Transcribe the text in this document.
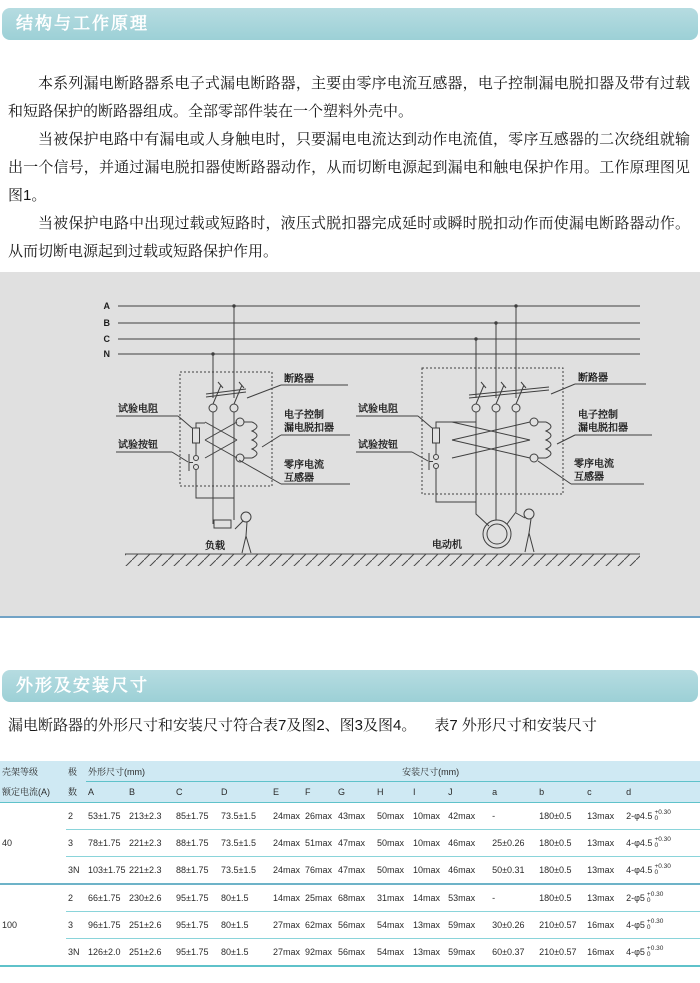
结构与工作原理

本系列漏电断路器系电子式漏电断路器，主要由零序电流互感器，电子控制漏电脱扣器及带有过载和短路保护的断路器组成。全部零部件装在一个塑料外壳中。

当被保护电路中有漏电或人身触电时，只要漏电电流达到动作电流值，零序互感器的二次绕组就输出一个信号，并通过漏电脱扣器使断路器动作，从而切断电源起到漏电和触电保护作用。工作原理图见图1。

当被保护电路中出现过载或短路时，液压式脱扣器完成延时或瞬时脱扣动作而使漏电断路器动作。从而切断电源起到过载或短路保护作用。

A
B
C
N
断路器
电子控制
漏电脱扣器
零序电流
互感器
试验电阻
试验按钮
负载
断路器
电子控制
漏电脱扣器
零序电流
互感器
试验电阻
试验按钮
电动机
外形及安装尺寸

漏电断路器的外形尺寸和安装尺寸符合表7及图2、图3及图4。 表7 外形尺寸和安装尺寸

壳架等级	极	外形尺寸(mm)									安装尺寸(mm)				
额定电流(A)	数	A	B	C	D	E	F	G	H	I	J	a	b	c	d
40	2	53±1.75	213±2.3	85±1.75	73.5±1.5	24max	26max	43max	50max	10max	42max	-	180±0.5	13max	2-φ4.5 +0.30
0

	3	78±1.75	221±2.3	88±1.75	73.5±1.5	24max	51max	47max	50max	10max	46max	25±0.26	180±0.5	13max	4-φ4.5 +0.30
0

	3N	103±1.75	221±2.3	88±1.75	73.5±1.5	24max	76max	47max	50max	10max	46max	50±0.31	180±0.5	13max	4-φ4.5 +0.30
0

100	2	66±1.75	230±2.6	95±1.75	80±1.5	14max	25max	68max	31max	14max	53max	-	180±0.5	13max	2-φ5 +0.30
0

	3	96±1.75	251±2.6	95±1.75	80±1.5	27max	62max	56max	54max	13max	59max	30±0.26	210±0.57	16max	4-φ5 +0.30
0

	3N	126±2.0	251±2.6	95±1.75	80±1.5	27max	92max	56max	54max	13max	59max	60±0.37	210±0.57	16max	4-φ5 +0.30
0
